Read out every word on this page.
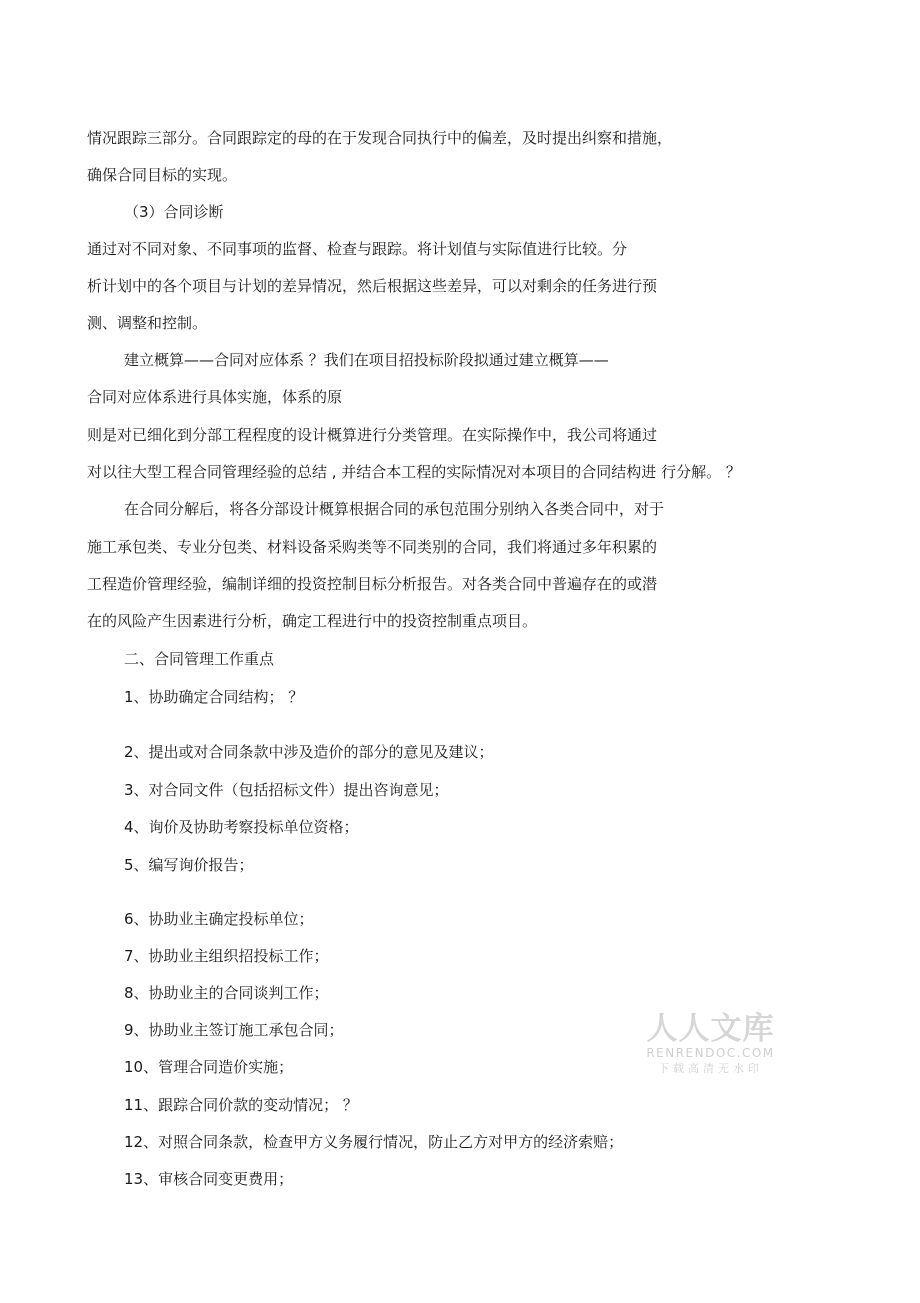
情况跟踪三部分。合同跟踪定的母的在于发现合同执行中的偏差，及时提出纠察和措施，

确保合同目标的实现。

（3）合同诊断

通过对不同对象、不同事项的监督、检查与跟踪。将计划值与实际值进行比较。分

析计划中的各个项目与计划的差异情况，然后根据这些差异，可以对剩余的任务进行预

测、调整和控制。

建立概算——合同对应体系 ？我们在项目招投标阶段拟通过建立概算——

合同对应体系进行具体实施，体系的原

则是对已细化到分部工程程度的设计概算进行分类管理。在实际操作中，我公司将通过

对以往大型工程合同管理经验的总结 , 并结合本工程的实际情况对本项目的合同结构进 行分解。 ？

在合同分解后，将各分部设计概算根据合同的承包范围分别纳入各类合同中，对于

施工承包类、专业分包类、材料设备采购类等不同类别的合同，我们将通过多年积累的

工程造价管理经验，编制详细的投资控制目标分析报告。对各类合同中普遍存在的或潜

在的风险产生因素进行分析，确定工程进行中的投资控制重点项目。

二、合同管理工作重点

1、协助确定合同结构； ？

2、提出或对合同条款中涉及造价的部分的意见及建议；

3、对合同文件（包括招标文件）提出咨询意见；

4、询价及协助考察投标单位资格；

5、编写询价报告；

6、协助业主确定投标单位；

7、协助业主组织招投标工作；

8、协助业主的合同谈判工作；

9、协助业主签订施工承包合同；

10、管理合同造价实施；

11、跟踪合同价款的变动情况； ？

12、对照合同条款，检查甲方义务履行情况，防止乙方对甲方的经济索赔；

13、审核合同变更费用；

人人文库
RENRENDOC.COM
下载高清无水印
